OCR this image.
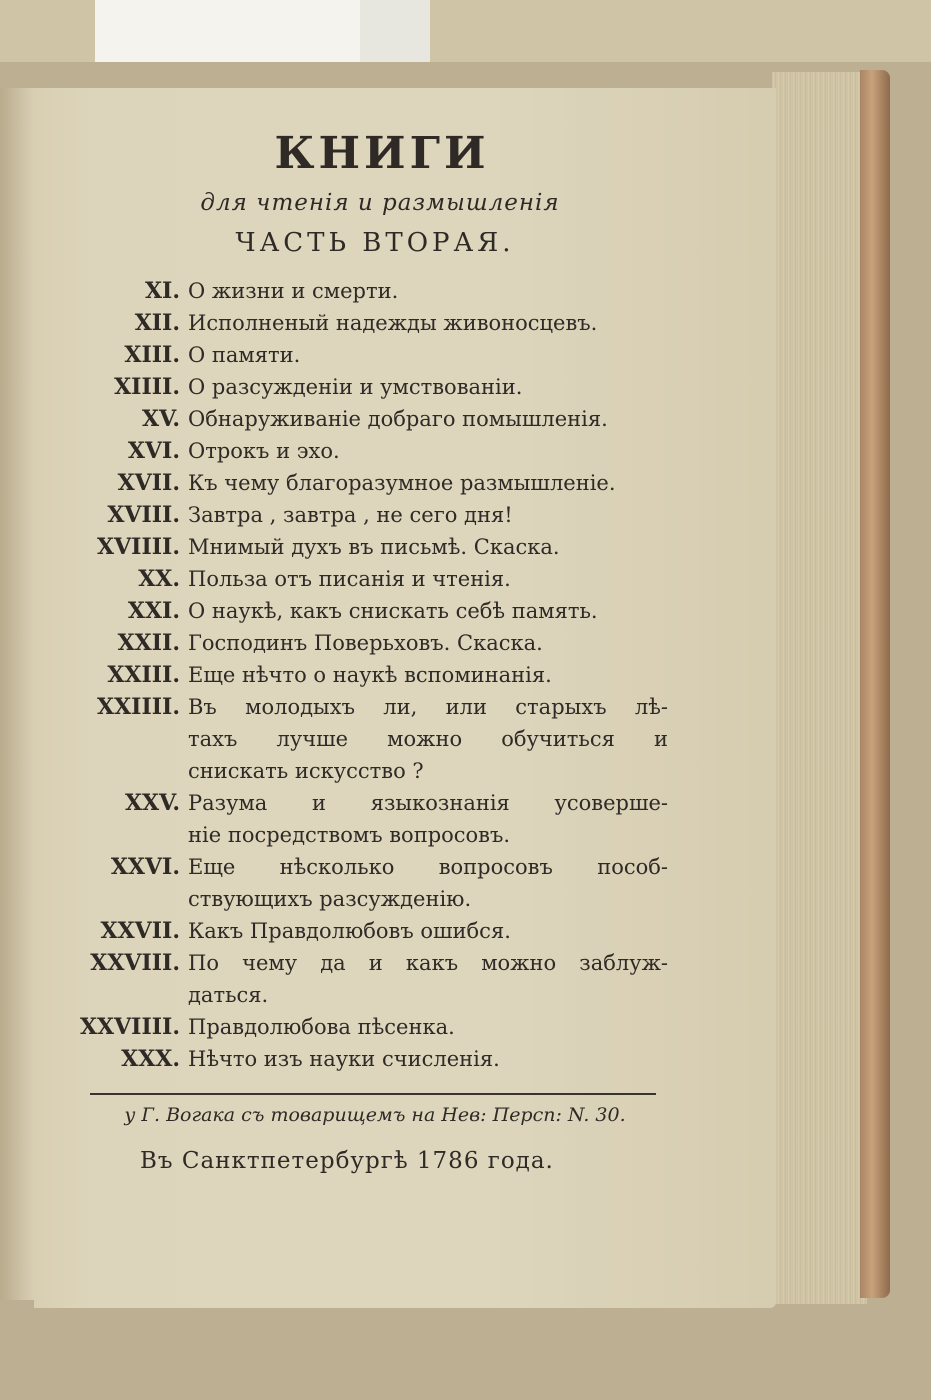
КНИГИ
для чтенія и размышленія
ЧАСТЬ ВТОРАЯ.
XI. О жизни и смерти.
XII. Исполненый надежды живоносцевъ.
XIII. О памяти.
XIIII. О разсужденіи и умствованіи.
XV. Обнаруживаніе добраго помышленія.
XVI. Отрокъ и эхо.
XVII. Къ чему благоразумное размышленіе.
XVIII. Завтра , завтра , не сего дня!
XVIIII. Мнимый духъ въ письмѣ. Скаска.
XX. Польза отъ писанія и чтенія.
XXI. О наукѣ, какъ снискать себѣ память.
XXII. Господинъ Поверьховъ. Скаска.
XXIII. Еще нѣчто о наукѣ вспоминанія.
XXIIII. Въ молодыхъ ли, или старыхъ лѣ-
тахъ лучше можно обучиться и
снискать искусство ?
XXV. Разума и языкознанія усоверше-
ніе посредствомъ вопросовъ.
XXVI. Еще нѣсколько вопросовъ пособ-
ствующихъ разсужденію.
XXVII. Какъ Правдолюбовъ ошибся.
XXVIII. По чему да и какъ можно заблуж-
даться.
XXVIIII. Правдолюбова пѣсенка.
XXX. Нѣчто изъ науки счисленія.
у Г. Вогака съ товарищемъ на Нев: Персп: N. 30.
Въ Санктпетербургѣ 1786 года.
